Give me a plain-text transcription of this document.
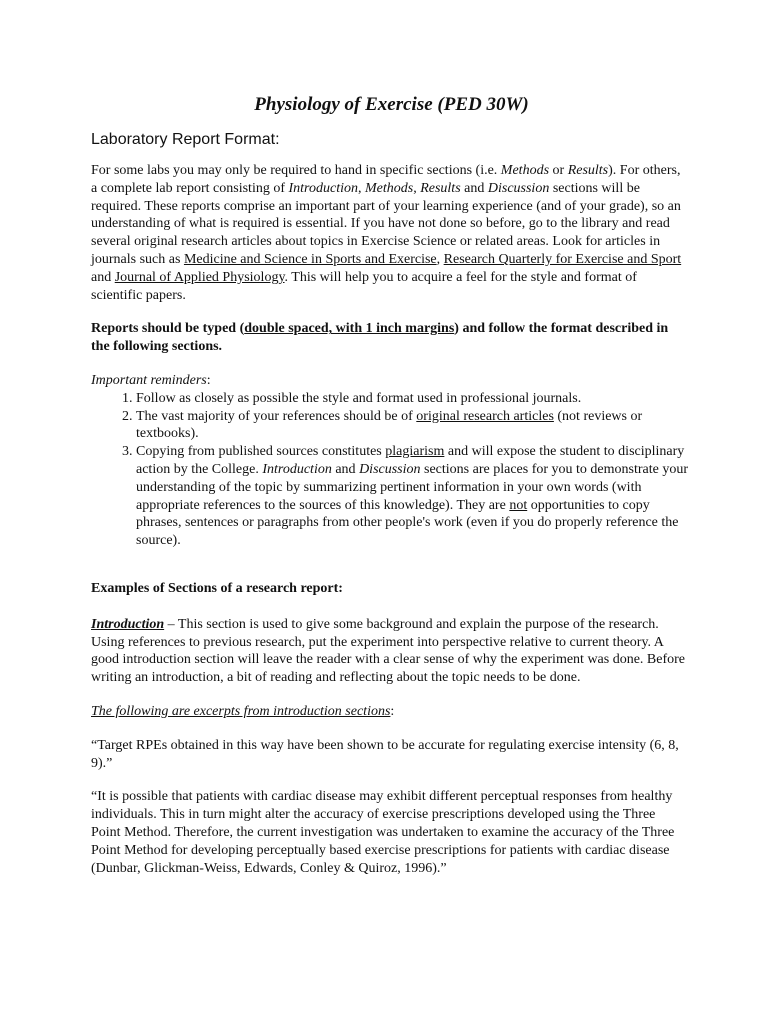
Physiology of Exercise (PED 30W)
Laboratory Report Format:

For some labs you may only be required to hand in specific sections (i.e. Methods or Results). For others, a complete lab report consisting of Introduction, Methods, Results and Discussion sections will be required. These reports comprise an important part of your learning experience (and of your grade), so an understanding of what is required is essential. If you have not done so before, go to the library and read several original research articles about topics in Exercise Science or related areas. Look for articles in journals such as Medicine and Science in Sports and Exercise, Research Quarterly for Exercise and Sport and Journal of Applied Physiology. This will help you to acquire a feel for the style and format of scientific papers.

Reports should be typed (double spaced, with 1 inch margins) and follow the format described in the following sections.

Important reminders:

1. Follow as closely as possible the style and format used in professional journals.
2. The vast majority of your references should be of original research articles (not reviews or textbooks).
3. Copying from published sources constitutes plagiarism and will expose the student to disciplinary action by the College. Introduction and Discussion sections are places for you to demonstrate your understanding of the topic by summarizing pertinent information in your own words (with appropriate references to the sources of this knowledge). They are not opportunities to copy phrases, sentences or paragraphs from other people's work (even if you do properly reference the source).

Examples of Sections of a research report:

Introduction – This section is used to give some background and explain the purpose of the research. Using references to previous research, put the experiment into perspective relative to current theory. A good introduction section will leave the reader with a clear sense of why the experiment was done. Before writing an introduction, a bit of reading and reflecting about the topic needs to be done.

The following are excerpts from introduction sections:

“Target RPEs obtained in this way have been shown to be accurate for regulating exercise intensity (6, 8, 9).”

“It is possible that patients with cardiac disease may exhibit different perceptual responses from healthy individuals. This in turn might alter the accuracy of exercise prescriptions developed using the Three Point Method. Therefore, the current investigation was undertaken to examine the accuracy of the Three Point Method for developing perceptually based exercise prescriptions for patients with cardiac disease (Dunbar, Glickman-Weiss, Edwards, Conley & Quiroz, 1996).”
